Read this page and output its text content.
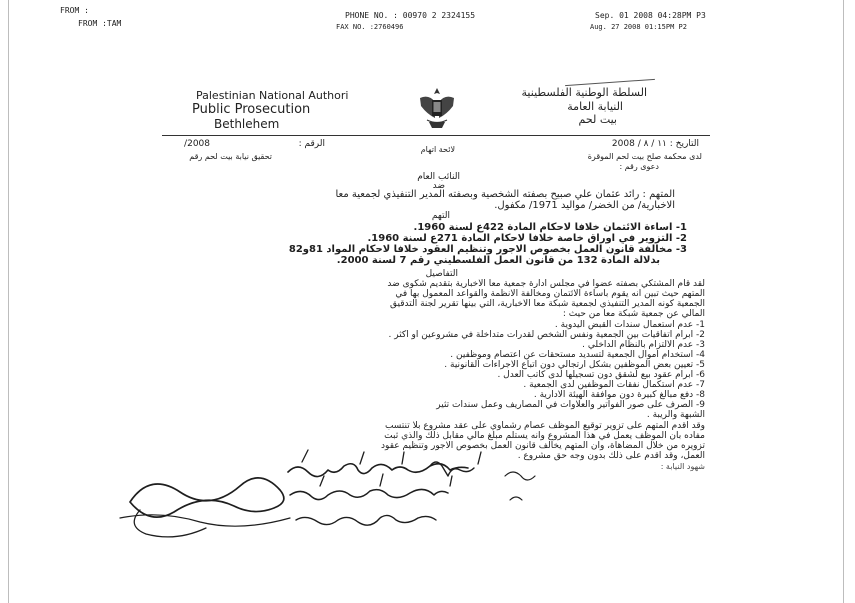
FROM :
FROM :TAM
PHONE NO. : 00970 2 2324155
FAX NO. :2760496
Sep. 01 2008 04:28PM P3
Aug. 27 2008 01:15PM P2
Palestinian National Authori
Public Prosecution
Bethlehem
السلطة الوطنية الفلسطينية
النيابة العامة
بيت لحم
التاريخ : ١١ / ٨ / 2008
الرقم :
لائحة اتهام
2008/
لدى محكمة صلح بيت لحم الموقرة
تحقيق نيابة بيت لحم رقم
دعوى رقم :
النائب العام
ضد
المتهم : رائد عثمان علي صبيح بصفته الشخصية وبصفته المدير التنفيذي لجمعية معا
الاخبارية/ من الخضر/ مواليد 1971/ مكفول.
التهم
1- اساءة الائتمان خلافا لاحكام المادة 422ع لسنة 1960.
2- التزوير في اوراق خاصة خلافا لاحكام المادة 271ع لسنة 1960.
3- مخالفة قانون العمل بخصوص الاجور وتنظيم العقود خلافا لاحكام المواد 81و82
بدلالة المادة 132 من قانون العمل الفلسطيني رقم 7 لسنة 2000.
التفاصيل
لقد قام المشتكي بصفته عضوا في مجلس ادارة جمعية معا الاخبارية بتقديم شكوى ضد
المتهم حيث تبين انه يقوم باساءة الائتمان ومخالفة الانظمة والقواعد المعمول بها في
الجمعية كونه المدير التنفيذي لجمعية شبكة معا الاخبارية، التي بينها تقرير لجنة التدقيق
المالي عن جمعية شبكة معا من حيث :
1- عدم استعمال سندات القبض اليدوية .
2- ابرام اتفاقيات بين الجمعية ونفس الشخص لقدرات متداخلة في مشروعين او اكثر .
3- عدم الالتزام بالنظام الداخلي .
4- استخدام اموال الجمعية لتسديد مستحقات عن اعتصام وموظفين .
5- تعيين بعض الموظفين بشكل ارتجالي دون اتباع الاجراءات القانونية .
6- ابرام عقود بيع لشقق دون تسجيلها لدى كاتب العدل .
7- عدم استكمال نفقات الموظفين لدى الجمعية .
8- دفع مبالغ كبيرة دون موافقة الهيئة الادارية .
9- الصرف على صور الفواتير والعلاوات في المصاريف وعمل سندات تثير
الشبهة والريبة .
وقد اقدم المتهم على تزوير توقيع الموظف عصام رشماوي على عقد مشروع بلا تنتسب
مفاده بان الموظف يعمل في هذا المشروع وانه يستلم مبلغ مالي مقابل ذلك والذي ثبت
تزويره من خلال المضاهاة، وان المتهم يخالف قانون العمل بخصوص الاجور وتنظيم عقود
العمل، وقد اقدم على ذلك بدون وجه حق مشروع .
شهود النيابة :
